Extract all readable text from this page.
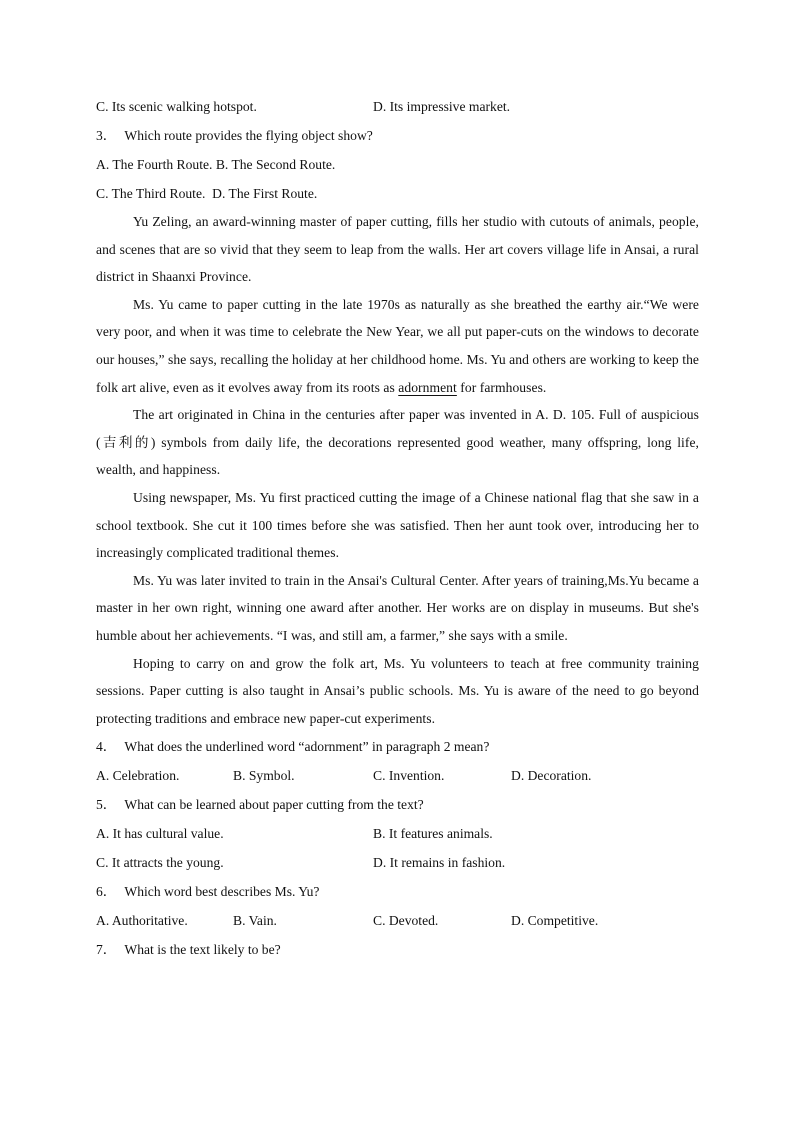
C. Its scenic walking hotspot.	D. Its impressive market.
3． Which route provides the flying object show?
A. The Fourth Route. B. The Second Route.
C. The Third Route. D. The First Route.

Yu Zeling, an award-winning master of paper cutting, fills her studio with cutouts of animals, people, and scenes that are so vivid that they seem to leap from the walls. Her art covers village life in Ansai, a rural district in Shaanxi Province.

Ms. Yu came to paper cutting in the late 1970s as naturally as she breathed the earthy air.“We were very poor, and when it was time to celebrate the New Year, we all put paper-cuts on the windows to decorate our houses,” she says, recalling the holiday at her childhood home. Ms. Yu and others are working to keep the folk art alive, even as it evolves away from its roots as adornment for farmhouses.

The art originated in China in the centuries after paper was invented in A. D. 105. Full of auspicious (吉利的) symbols from daily life, the decorations represented good weather, many offspring, long life, wealth, and happiness.

Using newspaper, Ms. Yu first practiced cutting the image of a Chinese national flag that she saw in a school textbook. She cut it 100 times before she was satisfied. Then her aunt took over, introducing her to increasingly complicated traditional themes.

Ms. Yu was later invited to train in the Ansai's Cultural Center. After years of training,Ms.Yu became a master in her own right, winning one award after another. Her works are on display in museums. But she's humble about her achievements. “I was, and still am, a farmer,” she says with a smile.

Hoping to carry on and grow the folk art, Ms. Yu volunteers to teach at free community training sessions. Paper cutting is also taught in Ansai’s public schools. Ms. Yu is aware of the need to go beyond protecting traditions and embrace new paper-cut experiments.

4． What does the underlined word “adornment” in paragraph 2 mean?
A. Celebration.	B. Symbol.	C. Invention.	D. Decoration.
5． What can be learned about paper cutting from the text?
A. It has cultural value.	B. It features animals.
C. It attracts the young.	D. It remains in fashion.
6． Which word best describes Ms. Yu?
A. Authoritative.	B. Vain.	C. Devoted.	D. Competitive.
7． What is the text likely to be?
